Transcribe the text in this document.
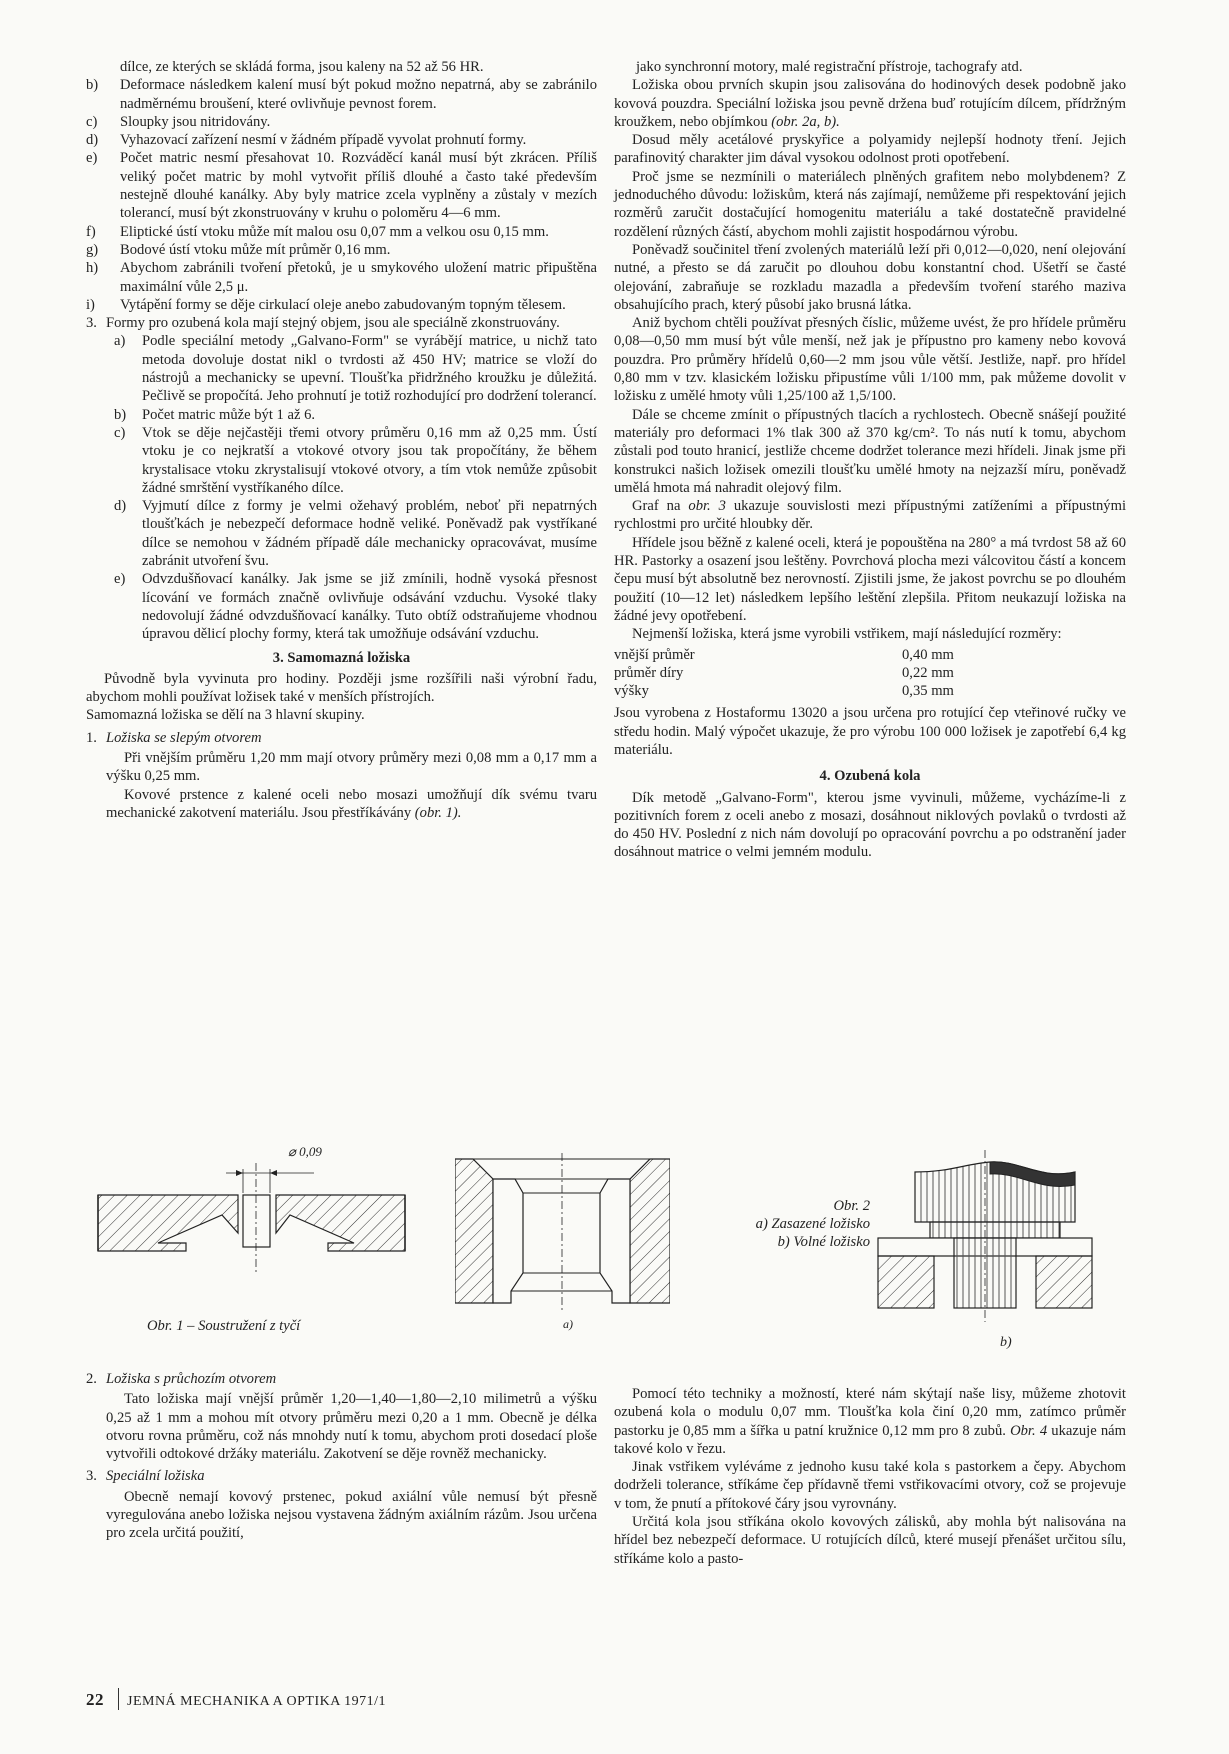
dílce, ze kterých se skládá forma, jsou kaleny na 52 až 56 HR.

b) Deformace následkem kalení musí být pokud možno nepatrná, aby se zabránilo nadměrnému broušení, které ovlivňuje pevnost forem.
c) Sloupky jsou nitridovány.
d) Vyhazovací zařízení nesmí v žádném případě vyvolat prohnutí formy.
e) Počet matric nesmí přesahovat 10. Rozváděcí kanál musí být zkrácen. Příliš veliký počet matric by mohl vytvořit příliš dlouhé a často také především nestejně dlouhé kanálky. Aby byly matrice zcela vyplněny a zůstaly v mezích tolerancí, musí být zkonstruovány v kruhu o poloměru 4—6 mm.
f) Eliptické ústí vtoku může mít malou osu 0,07 mm a velkou osu 0,15 mm.
g) Bodové ústí vtoku může mít průměr 0,16 mm.
h) Abychom zabránili tvoření přetoků, je u smykového uložení matric připuštěna maximální vůle 2,5 μ.
i) Vytápění formy se děje cirkulací oleje anebo zabudovaným topným tělesem.
3. Formy pro ozubená kola mají stejný objem, jsou ale speciálně zkonstruovány.
a) Podle speciální metody „Galvano-Form" se vyrábějí matrice, u nichž tato metoda dovoluje dostat nikl o tvrdosti až 450 HV; matrice se vloží do nástrojů a mechanicky se upevní. Tloušťka přidržného kroužku je důležitá. Pečlivě se propočítá. Jeho prohnutí je totiž rozhodující pro dodržení tolerancí.
b) Počet matric může být 1 až 6.
c) Vtok se děje nejčastěji třemi otvory průměru 0,16 mm až 0,25 mm. Ústí vtoku je co nejkratší a vtokové otvory jsou tak propočítány, že během krystalisace vtoku zkrystalisují vtokové otvory, a tím vtok nemůže způsobit žádné smrštění vystříkaného dílce.
d) Vyjmutí dílce z formy je velmi ožehavý problém, neboť při nepatrných tloušťkách je nebezpečí deformace hodně veliké. Poněvadž pak vystříkané dílce se nemohou v žádném případě dále mechanicky opracovávat, musíme zabránit utvoření švu.
e) Odvzdušňovací kanálky. Jak jsme se již zmínili, hodně vysoká přesnost lícování ve formách značně ovlivňuje odsávání vzduchu. Vysoké tlaky nedovolují žádné odvzdušňovací kanálky. Tuto obtíž odstraňujeme vhodnou úpravou dělicí plochy formy, která tak umožňuje odsávání vzduchu.
3. Samomazná ložiska

Původně byla vyvinuta pro hodiny. Později jsme rozšířili naši výrobní řadu, abychom mohli používat ložisek také v menších přístrojích.

Samomazná ložiska se dělí na 3 hlavní skupiny.

1. Ložiska se slepým otvorem

Při vnějším průměru 1,20 mm mají otvory průměry mezi 0,08 mm a 0,17 mm a výšku 0,25 mm.

Kovové prstence z kalené oceli nebo mosazi umožňují dík svému tvaru mechanické zakotvení materiálu. Jsou přestříkávány (obr. 1).

jako synchronní motory, malé registrační přístroje, tachografy atd.

Ložiska obou prvních skupin jsou zalisována do hodinových desek podobně jako kovová pouzdra. Speciální ložiska jsou pevně držena buď rotujícím dílcem, přídržným kroužkem, nebo objímkou (obr. 2a, b).

Dosud měly acetálové pryskyřice a polyamidy nejlepší hodnoty tření. Jejich parafinovitý charakter jim dával vysokou odolnost proti opotřebení.

Proč jsme se nezmínili o materiálech plněných grafitem nebo molybdenem? Z jednoduchého důvodu: ložiskům, která nás zajímají, nemůžeme při respektování jejich rozměrů zaručit dostačující homogenitu materiálu a také dostatečně pravidelné rozdělení různých částí, abychom mohli zajistit hospodárnou výrobu.

Poněvadž součinitel tření zvolených materiálů leží při 0,012—0,020, není olejování nutné, a přesto se dá zaručit po dlouhou dobu konstantní chod. Ušetří se časté olejování, zabraňuje se rozkladu mazadla a především tvoření starého maziva obsahujícího prach, který působí jako brusná látka.

Aniž bychom chtěli používat přesných číslic, můžeme uvést, že pro hřídele průměru 0,08—0,50 mm musí být vůle menší, než jak je přípustno pro kameny nebo kovová pouzdra. Pro průměry hřídelů 0,60—2 mm jsou vůle větší. Jestliže, např. pro hřídel 0,80 mm v tzv. klasickém ložisku připustíme vůli 1/100 mm, pak můžeme dovolit v ložisku z umělé hmoty vůli 1,25/100 až 1,5/100.

Dále se chceme zmínit o přípustných tlacích a rychlostech. Obecně snášejí použité materiály pro deformaci 1% tlak 300 až 370 kg/cm². To nás nutí k tomu, abychom zůstali pod touto hranicí, jestliže chceme dodržet tolerance mezi hřídeli. Jinak jsme při konstrukci našich ložisek omezili tloušťku umělé hmoty na nejzazší míru, poněvadž umělá hmota má nahradit olejový film.

Graf na obr. 3 ukazuje souvislosti mezi přípustnými zatíženími a přípustnými rychlostmi pro určité hloubky děr.

Hřídele jsou běžně z kalené oceli, která je popouštěna na 280° a má tvrdost 58 až 60 HR. Pastorky a osazení jsou leštěny. Povrchová plocha mezi válcovitou částí a koncem čepu musí být absolutně bez nerovností. Zjistili jsme, že jakost povrchu se po dlouhém použití (10—12 let) následkem lepšího leštění zlepšila. Přitom neukazují ložiska na žádné jevy opotřebení.

Nejmenší ložiska, která jsme vyrobili vstřikem, mají následující rozměry:

vnější průměr	0,40 mm
průměr díry	0,22 mm
výšky	0,35 mm

Jsou vyrobena z Hostaformu 13020 a jsou určena pro rotující čep vteřinové ručky ve středu hodin. Malý výpočet ukazuje, že pro výrobu 100 000 ložisek je zapotřebí 6,4 kg materiálu.

4. Ozubená kola

Dík metodě „Galvano-Form", kterou jsme vyvinuli, můžeme, vycházíme-li z pozitivních forem z oceli anebo z mosazi, dosáhnout niklových povlaků o tvrdosti až do 450 HV. Poslední z nich nám dovolují po opracování povrchu a po odstranění jader dosáhnout matrice o velmi jemném modulu.

⌀ 0,09
Obr. 1 – Soustružení z tyčí	a)
Obr. 2
a) Zasazené ložisko
b) Volné ložisko
b)
2. Ložiska s průchozím otvorem

Tato ložiska mají vnější průměr 1,20—1,40—1,80—2,10 milimetrů a výšku 0,25 až 1 mm a mohou mít otvory průměru mezi 0,20 a 1 mm. Obecně je délka otvoru rovna průměru, což nás mnohdy nutí k tomu, abychom proti dosedací ploše vytvořili odtokové držáky materiálu. Zakotvení se děje rovněž mechanicky.

3. Speciální ložiska

Obecně nemají kovový prstenec, pokud axiální vůle nemusí být přesně vyregulována anebo ložiska nejsou vystavena žádným axiálním rázům. Jsou určena pro zcela určitá použití,

Pomocí této techniky a možností, které nám skýtají naše lisy, můžeme zhotovit ozubená kola o modulu 0,07 mm. Tloušťka kola činí 0,20 mm, zatímco průměr pastorku je 0,85 mm a šířka u patní kružnice 0,12 mm pro 8 zubů. Obr. 4 ukazuje nám takové kolo v řezu.

Jinak vstřikem vyléváme z jednoho kusu také kola s pastorkem a čepy. Abychom dodrželi tolerance, stříkáme čep přídavně třemi vstřikovacími otvory, což se projevuje v tom, že pnutí a přítokové čáry jsou vyrovnány.

Určitá kola jsou stříkána okolo kovových zálisků, aby mohla být nalisována na hřídel bez nebezpečí deformace. U rotujících dílců, které musejí přenášet určitou sílu, stříkáme kolo a pasto-

22 JEMNÁ MECHANIKA A OPTIKA 1971/1
